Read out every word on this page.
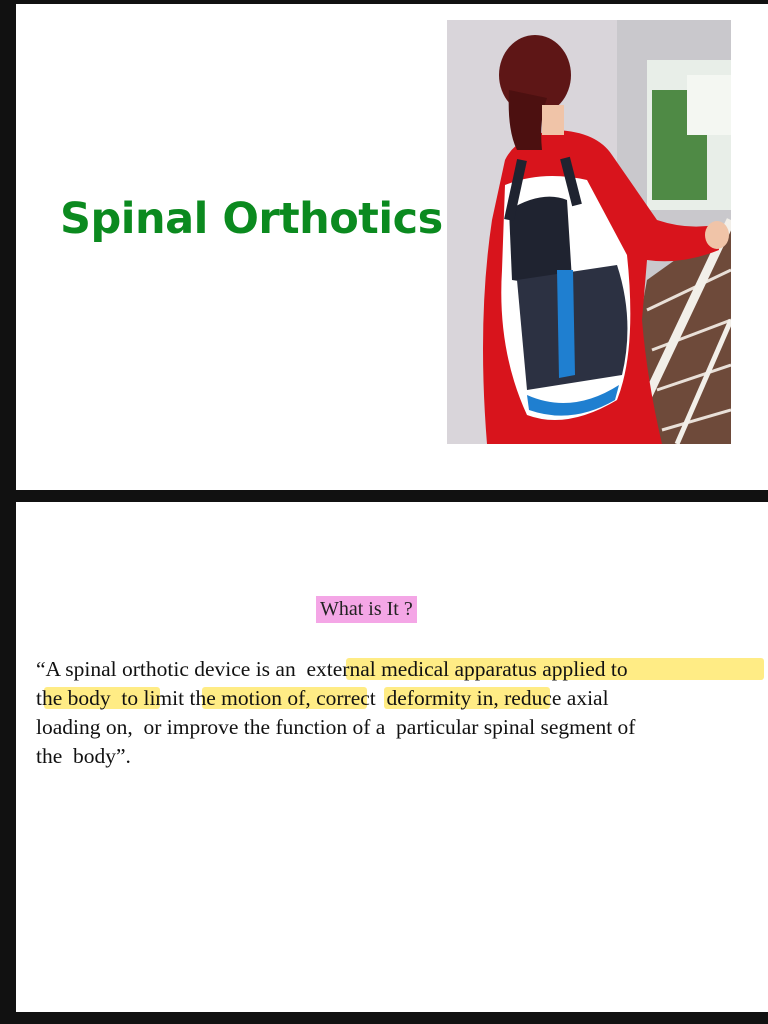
Spinal Orthotics
What is It ?
“A spinal orthotic device is an  external medical apparatus applied to
the body  to limit the motion of, correct  deformity in, reduce axial
loading on,  or improve the function of a  particular spinal segment of
the  body”.
